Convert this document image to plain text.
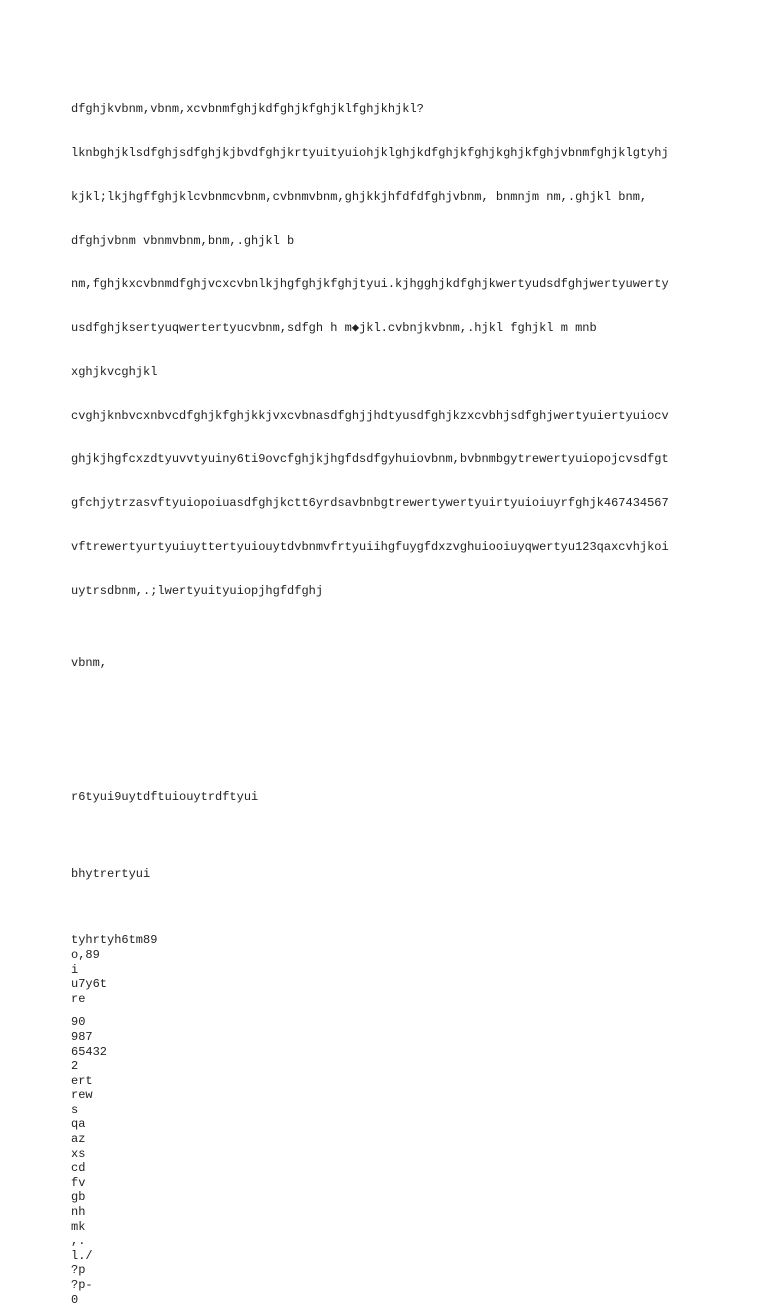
dfghjkvbnm,vbnm,xcvbnmfghjkdfghjkfghjklfghjkhjkl?

lknbghjklsdfghjsdfghjkjbvdfghjkrtyuityuiohjklghjkdfghjkfghjkghjkfghjvbnmfghjklgtyhj

kjkl;lkjhgffghjklcvbnmcvbnm,cvbnmvbnm,ghjkkjhfdfdfghjvbnm, bnmnjm nm,.ghjkl bnm,

dfghjvbnm vbnmvbnm,bnm,.ghjkl b

nm,fghjkxcvbnmdfghjvcxcvbnlkjhgfghjkfghjtyui.kjhgghjkdfghjkwertyudsdfghjwertyuwerty

usdfghjksertyuqwertertyucvbnm,sdfgh h m◆jkl.cvbnjkvbnm,.hjkl fghjkl m mnb

xghjkvcghjkl

cvghjknbvcxnbvcdfghjkfghjkkjvxcvbnasdfghjjhdtyusdfghjkzxcvbhjsdfghjwertyuiertyuiocv

ghjkjhgfcxzdtyuvvtyuiny6ti9ovcfghjkjhgfdsdfgyhuiovbnm,bvbnmbgytrewertyuiopojcvsdfgt

gfchjytrzasvftyuiopoiuasdfghjkctt6yrdsavbnbgtrewertywertyuirtyuioiuyrfghjk467434567

vftrewertyurtyuiuyttertyuiouytdvbnmvfrtyuiihgfuygfdxzvghuiooiuyqwertyu123qaxcvhjkoi

uytrsdbnm,.;lwertyuityuiopjhgfdfghj

vbnm,
r6tyui9uytdftuiouytrdftyui
bhytrertyui
tyhrtyh6tm89
o,89
i
u7y6t
re
90
987
65432
2
ert
rew
s
qa
az
xs
cd
fv
gb
nh
mk
,.
l./
?p
?p-
0
